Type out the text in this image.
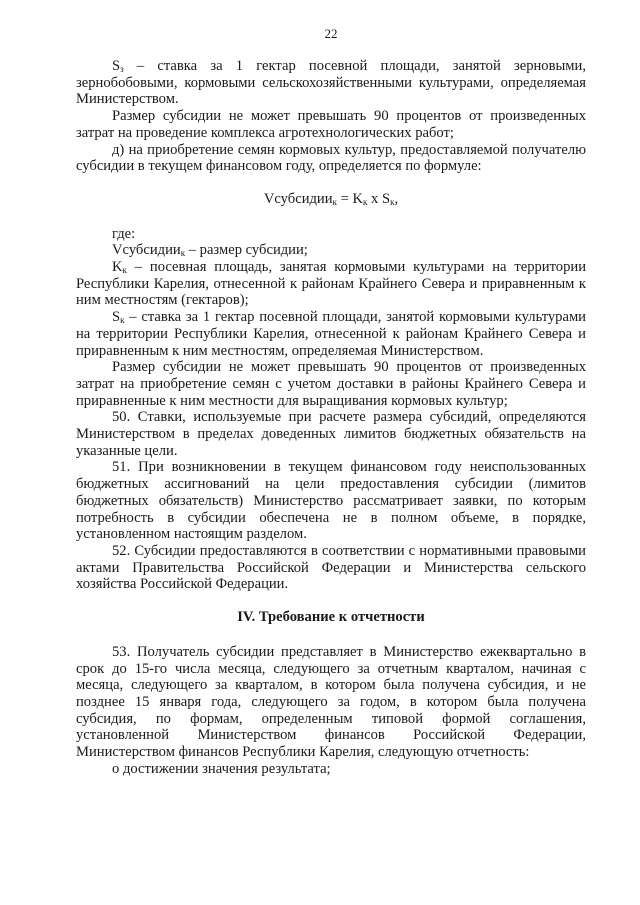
22

$S_з$ – ставка за 1 гектар посевной площади, занятой зерновыми, зернобобовыми, кормовыми сельскохозяйственными культурами, определяемая Министерством.

Размер субсидии не может превышать 90 процентов от произведенных затрат на проведение комплекса агротехнологических работ;

д) на приобретение семян кормовых культур, предоставляемой получателю субсидии в текущем финансовом году, определяется по формуле:

Vсубсидии$_к$ = $K_к$ x $S_к$,

где:

Vсубсидии$_к$ – размер субсидии;

$K_к$ – посевная площадь, занятая кормовыми культурами на территории Республики Карелия, отнесенной к районам Крайнего Севера и приравненным к ним местностям (гектаров);

$S_к$ – ставка за 1 гектар посевной площади, занятой кормовыми культурами на территории Республики Карелия, отнесенной к районам Крайнего Севера и приравненным к ним местностям, определяемая Министерством.

Размер субсидии не может превышать 90 процентов от произведенных затрат на приобретение семян с учетом доставки в районы Крайнего Севера и приравненные к ним местности для выращивания кормовых культур;

50. Ставки, используемые при расчете размера субсидий, определяются Министерством в пределах доведенных лимитов бюджетных обязательств на указанные цели.

51. При возникновении в текущем финансовом году неиспользованных бюджетных ассигнований на цели предоставления субсидии (лимитов бюджетных обязательств) Министерство рассматривает заявки, по которым потребность в субсидии обеспечена не в полном объеме, в порядке, установленном настоящим разделом.

52. Субсидии предоставляются в соответствии с нормативными правовыми актами Правительства Российской Федерации и Министерства сельского хозяйства Российской Федерации.

IV. Требование к отчетности

53. Получатель субсидии представляет в Министерство ежеквартально в срок до 15-го числа месяца, следующего за отчетным кварталом, начиная с месяца, следующего за кварталом, в котором была получена субсидия, и не позднее 15 января года, следующего за годом, в котором была получена субсидия, по формам, определенным типовой формой соглашения, установленной Министерством финансов Российской Федерации, Министерством финансов Республики Карелия, следующую отчетность:

о достижении значения результата;
